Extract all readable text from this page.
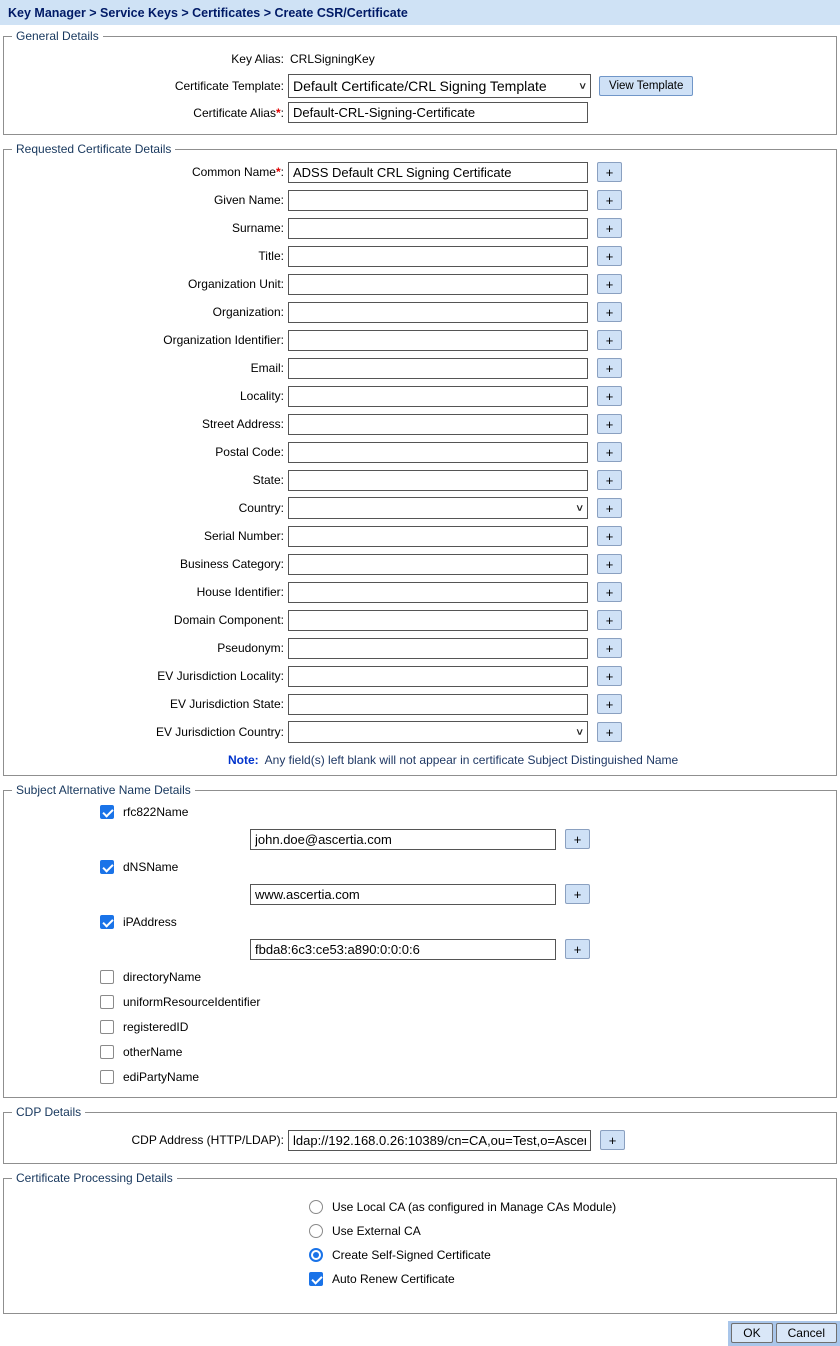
Key Manager > Service Keys > Certificates > Create CSR/Certificate
General Details
Key Alias: CRLSigningKey
Certificate Template: Default Certificate/CRL Signing Template	>	View Template
Certificate Alias*:
Default-CRL-Signing-Certificate
Requested Certificate Details
Common Name*:
ADSS Default CRL Signing Certificate	+
Given Name:	+
Surname:	+
Title:	+
Organization Unit:	+
Organization:	+
Organization Identifier:	+
Email:	+
Locality:	+
Street Address:	+
Postal Code:	+
State:	+
Country:	>	+
Serial Number:	+
Business Category:	+
House Identifier:	+
Domain Component:	+
Pseudonym:	+
EV Jurisdiction Locality:	+
EV Jurisdiction State:	+
EV Jurisdiction Country:	>	+
Note: Any field(s) left blank will not appear in certificate Subject Distinguished Name
Subject Alternative Name Details
rfc822Name
john.doe@ascertia.com
+
dNSName
www.ascertia.com
+
iPAddress
fbda8:6c3:ce53:a890:0:0:0:6
+
directoryName
uniformResourceIdentifier
registeredID
otherName
ediPartyName
CDP Details
CDP Address (HTTP/LDAP):
ldap://192.168.0.26:10389/cn=CA,ou=Test,o=Ascertia,c	+
Certificate Processing Details
Use Local CA (as configured in Manage CAs Module)
Use External CA
Create Self-Signed Certificate
Auto Renew Certificate
OK	Cancel
